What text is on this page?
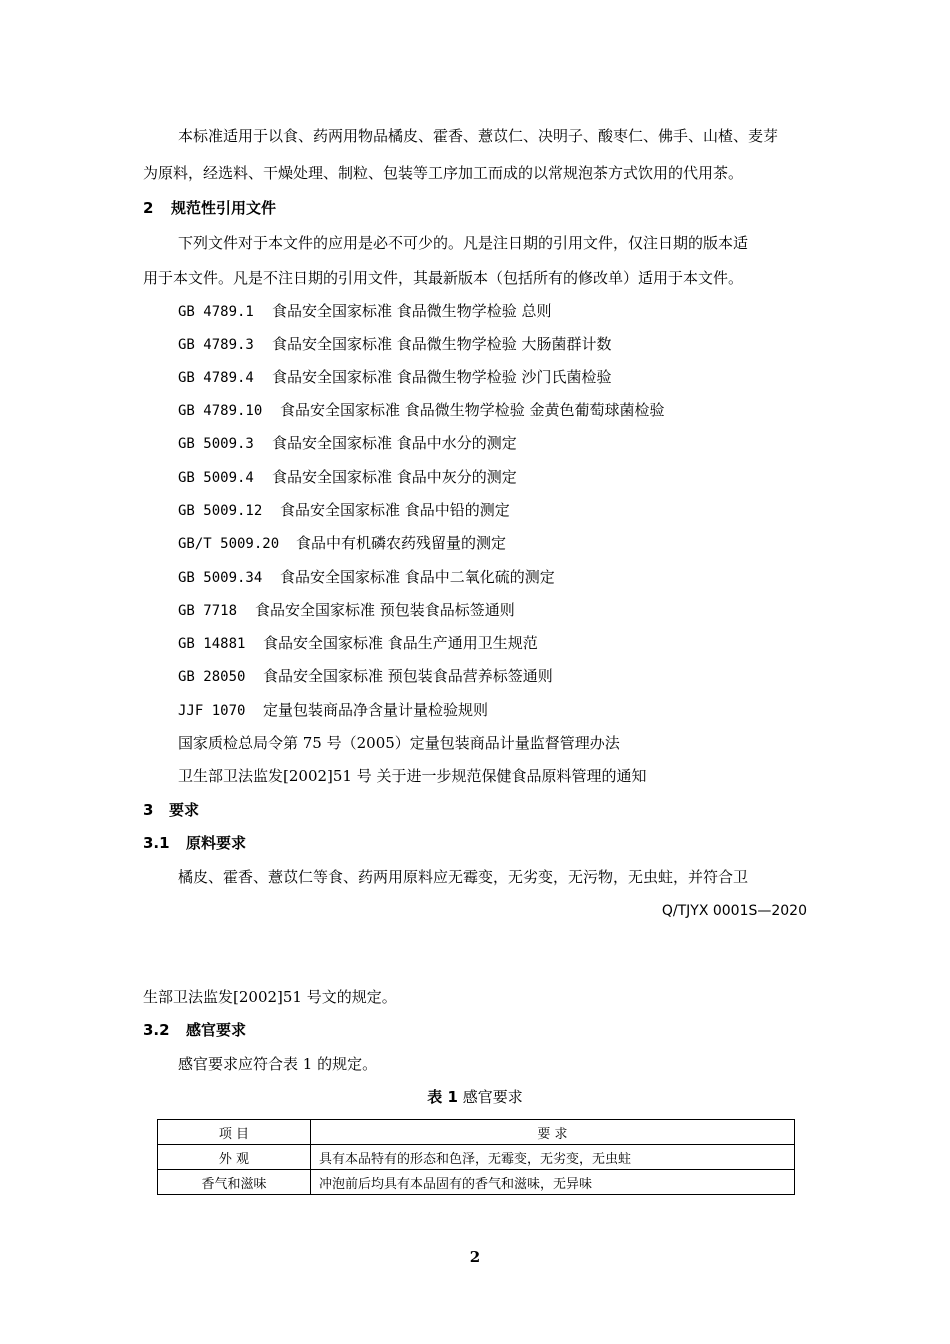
本标准适用于以食、药两用物品橘皮、霍香、薏苡仁、决明子、酸枣仁、佛手、山楂、麦芽
为原料，经选料、干燥处理、制粒、包装等工序加工而成的以常规泡茶方式饮用的代用茶。
2 规范性引用文件
下列文件对于本文件的应用是必不可少的。凡是注日期的引用文件，仅注日期的版本适
用于本文件。凡是不注日期的引用文件，其最新版本（包括所有的修改单）适用于本文件。
GB 4789.1 食品安全国家标准 食品微生物学检验 总则
GB 4789.3 食品安全国家标准 食品微生物学检验 大肠菌群计数
GB 4789.4 食品安全国家标准 食品微生物学检验 沙门氏菌检验
GB 4789.10 食品安全国家标准 食品微生物学检验 金黄色葡萄球菌检验
GB 5009.3 食品安全国家标准 食品中水分的测定
GB 5009.4 食品安全国家标准 食品中灰分的测定
GB 5009.12 食品安全国家标准 食品中铅的测定
GB/T 5009.20 食品中有机磷农药残留量的测定
GB 5009.34 食品安全国家标准 食品中二氧化硫的测定
GB 7718 食品安全国家标准 预包装食品标签通则
GB 14881 食品安全国家标准 食品生产通用卫生规范
GB 28050 食品安全国家标准 预包装食品营养标签通则
JJF 1070 定量包装商品净含量计量检验规则
国家质检总局令第 75 号（2005）定量包装商品计量监督管理办法
卫生部卫法监发[2002]51 号 关于进一步规范保健食品原料管理的通知
3 要求
3.1 原料要求
橘皮、霍香、薏苡仁等食、药两用原料应无霉变，无劣变，无污物，无虫蛀，并符合卫
Q/TJYX 0001S—2020
生部卫法监发[2002]51 号文的规定。
3.2 感官要求
感官要求应符合表 1 的规定。
表 1 感官要求
项 目	要 求
外 观	具有本品特有的形态和色泽，无霉变，无劣变，无虫蛀
香气和滋味	冲泡前后均具有本品固有的香气和滋味，无异味
2
